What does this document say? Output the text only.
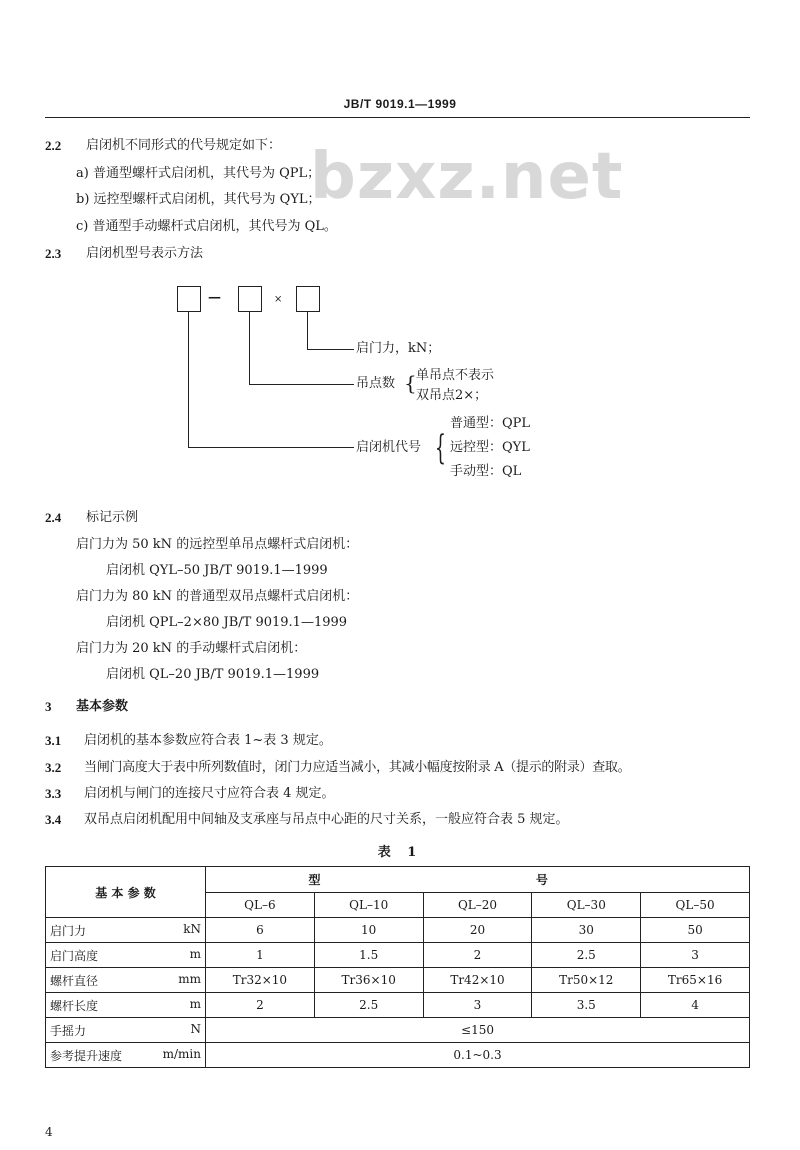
JB/T 9019.1—1999
bzxz.net
2.2 启闭机不同形式的代号规定如下：
a) 普通型螺杆式启闭机，其代号为 QPL；
b) 远控型螺杆式启闭机，其代号为 QYL；
c) 普通型手动螺杆式启闭机，其代号为 QL。
2.3 启闭机型号表示方法
—	×
启门力，kN；
吊点数 { 单吊点不表示
双吊点2×；
启闭机代号 {
普通型：QPL
远控型：QYL
手动型：QL
2.4 标记示例
启门力为 50 kN 的远控型单吊点螺杆式启闭机：
启闭机 QYL–50 JB/T 9019.1—1999
启门力为 80 kN 的普通型双吊点螺杆式启闭机：
启闭机 QPL–2×80 JB/T 9019.1—1999
启门力为 20 kN 的手动螺杆式启闭机：
启闭机 QL–20 JB/T 9019.1—1999
3 基本参数
3.1 启闭机的基本参数应符合表 1~表 3 规定。
3.2 当闸门高度大于表中所列数值时，闭门力应适当减小，其减小幅度按附录 A（提示的附录）查取。
3.3 启闭机与闸门的连接尺寸应符合表 4 规定。
3.4 双吊点启闭机配用中间轴及支承座与吊点中心距的尺寸关系，一般应符合表 5 规定。
表 1
基 本 参 数	型			号	
	QL–6	QL–10	QL–20	QL–30	QL–50
启门力 kN	6	10	20	30	50
启门高度 m	1	1.5	2	2.5	3
螺杆直径 mm	Tr32×10	Tr36×10	Tr42×10	Tr50×12	Tr65×16
螺杆长度 m	2	2.5	3	3.5	4
手摇力 N	≤150				
参考提升速度 m/min	0.1~0.3				
4
